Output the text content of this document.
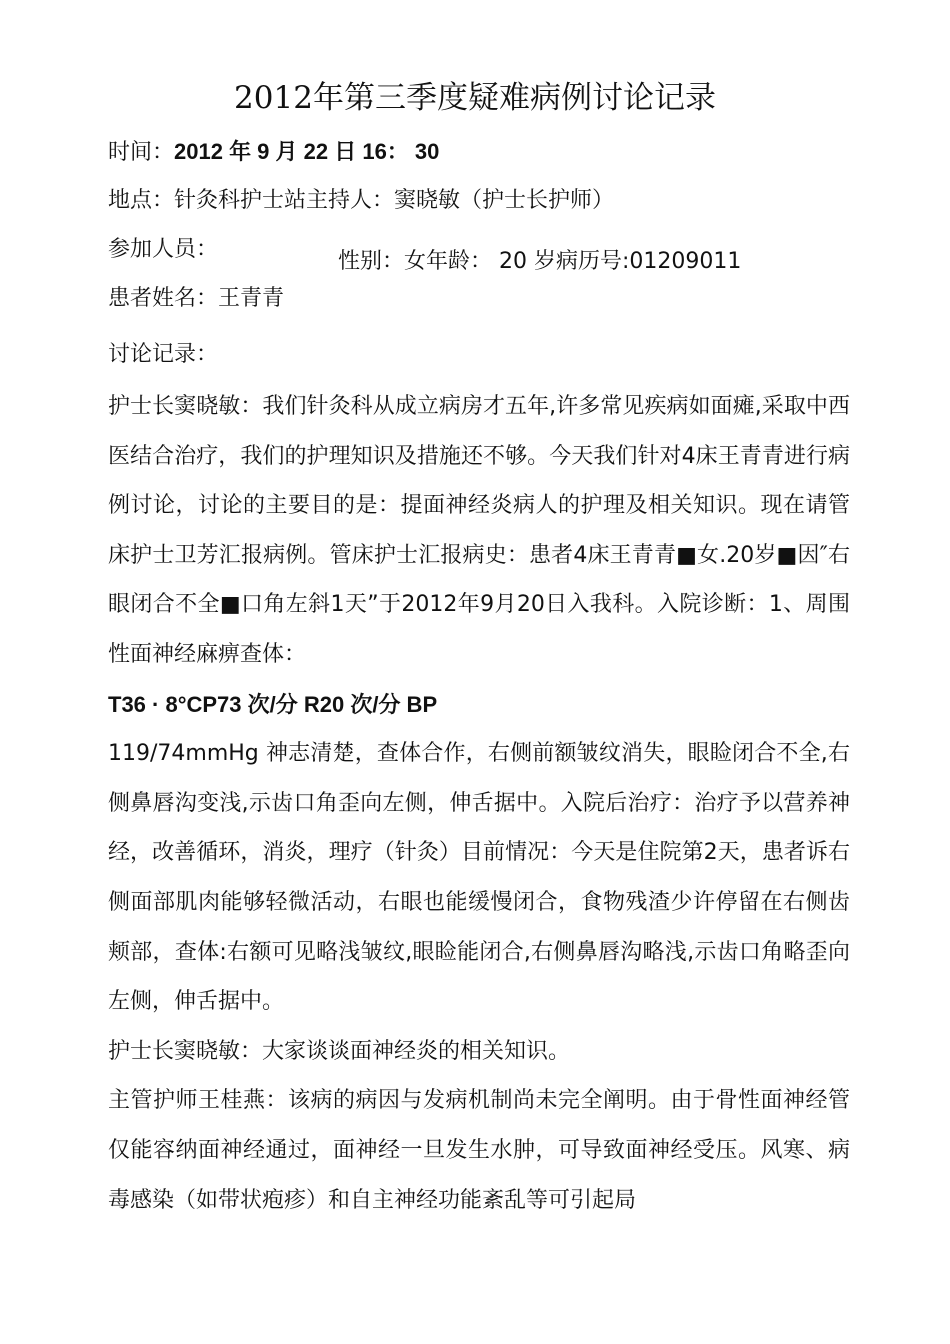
2012年第三季度疑难病例讨论记录

时间：2012 年 9 月 22 日 16： 30

地点：针灸科护士站主持人：窦晓敏（护士长护师）

参加人员：	性别：女年龄： 20 岁病历号:01209011

患者姓名：王青青

讨论记录：

护士长窦晓敏：我们针灸科从成立病房才五年,许多常见疾病如面瘫,采取中西医结合治疗，我们的护理知识及措施还不够。今天我们针对4床王青青进行病例讨论，讨论的主要目的是：提面神经炎病人的护理及相关知识。现在请管床护士卫芳汇报病例。管床护士汇报病史：患者4床王青青■女.20岁■因″右眼闭合不全■口角左斜1天”于2012年9月20日入我科。入院诊断：1、周围性面神经麻痹查体：

T36 · 8°CP73 次/分 R20 次/分 BP

119/74mmHg 神志清楚，查体合作，右侧前额皱纹消失，眼睑闭合不全,右侧鼻唇沟变浅,示齿口角歪向左侧，伸舌据中。入院后治疗：治疗予以营养神经，改善循环，消炎，理疗（针灸）目前情况：今天是住院第2天，患者诉右侧面部肌肉能够轻微活动，右眼也能缓慢闭合，食物残渣少许停留在右侧齿颊部，查体:右额可见略浅皱纹,眼睑能闭合,右侧鼻唇沟略浅,示齿口角略歪向左侧，伸舌据中。

护士长窦晓敏：大家谈谈面神经炎的相关知识。

主管护师王桂燕：该病的病因与发病机制尚未完全阐明。由于骨性面神经管仅能容纳面神经通过，面神经一旦发生水肿，可导致面神经受压。风寒、病毒感染（如带状疱疹）和自主神经功能紊乱等可引起局
